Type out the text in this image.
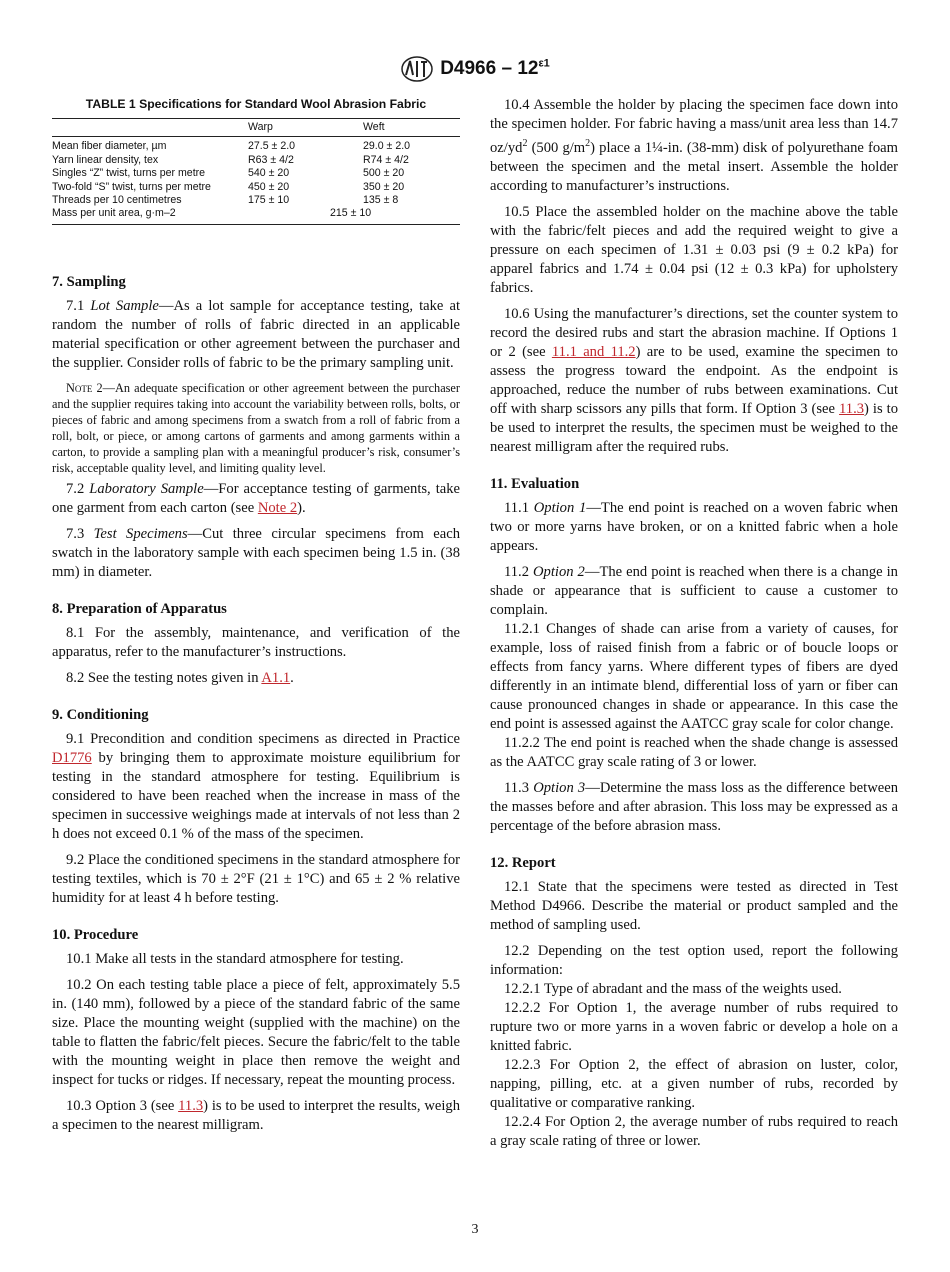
$D4966 - 12^{\varepsilon 1}$
TABLE 1 Specifications for Standard Wool Abrasion Fabric
	Warp	Weft
Mean fiber diameter, µm	27.5 ± 2.0	29.0 ± 2.0
Yarn linear density, tex	R63 ± 4/2	R74 ± 4/2
Singles “Z” twist, turns per metre	540 ± 20	500 ± 20
Two-fold “S” twist, turns per metre	450 ± 20	350 ± 20
Threads per 10 centimetres	175 ± 10	135 ± 8
Mass per unit area, g·m–2	215 ± 10	
7. Sampling
7.1 Lot Sample—As a lot sample for acceptance testing, take at random the number of rolls of fabric directed in an applicable material specification or other agreement between the purchaser and the supplier. Consider rolls of fabric to be the primary sampling unit.
Note 2—An adequate specification or other agreement between the purchaser and the supplier requires taking into account the variability between rolls, bolts, or pieces of fabric and among specimens from a swatch from a roll of fabric from a roll, bolt, or piece, or among cartons of garments and among garments within a carton, to provide a sampling plan with a meaningful producer’s risk, consumer’s risk, acceptable quality level, and limiting quality level.
7.2 Laboratory Sample—For acceptance testing of garments, take one garment from each carton (see Note 2).
7.3 Test Specimens—Cut three circular specimens from each swatch in the laboratory sample with each specimen being 1.5 in. (38 mm) in diameter.
8. Preparation of Apparatus
8.1 For the assembly, maintenance, and verification of the apparatus, refer to the manufacturer’s instructions.
8.2 See the testing notes given in A1.1.
9. Conditioning
9.1 Precondition and condition specimens as directed in Practice D1776 by bringing them to approximate moisture equilibrium for testing in the standard atmosphere for testing. Equilibrium is considered to have been reached when the increase in mass of the specimen in successive weighings made at intervals of not less than 2 h does not exceed 0.1 % of the mass of the specimen.
9.2 Place the conditioned specimens in the standard atmosphere for testing textiles, which is 70 ± 2°F (21 ± 1°C) and 65 ± 2 % relative humidity for at least 4 h before testing.
10. Procedure
10.1 Make all tests in the standard atmosphere for testing.
10.2 On each testing table place a piece of felt, approximately 5.5 in. (140 mm), followed by a piece of the standard fabric of the same size. Place the mounting weight (supplied with the machine) on the table to flatten the fabric/felt pieces. Secure the fabric/felt to the table with the mounting weight in place then remove the weight and inspect for tucks or ridges. If necessary, repeat the mounting process.
10.3 Option 3 (see 11.3) is to be used to interpret the results, weigh a specimen to the nearest milligram.
10.4 Assemble the holder by placing the specimen face down into the specimen holder. For fabric having a mass/unit area less than 14.7 $oz/yd^2$ (500 $g/m^2$) place a 1¼-in. (38-mm) disk of polyurethane foam between the specimen and the metal insert. Assemble the holder according to manufacturer’s instructions.
10.5 Place the assembled holder on the machine above the table with the fabric/felt pieces and add the required weight to give a pressure on each specimen of 1.31 ± 0.03 psi (9 ± 0.2 kPa) for apparel fabrics and 1.74 ± 0.04 psi (12 ± 0.3 kPa) for upholstery fabrics.
10.6 Using the manufacturer’s directions, set the counter system to record the desired rubs and start the abrasion machine. If Options 1 or 2 (see 11.1 and 11.2) are to be used, examine the specimen to assess the progress toward the endpoint. As the endpoint is approached, reduce the number of rubs between examinations. Cut off with sharp scissors any pills that form. If Option 3 (see 11.3) is to be used to interpret the results, the specimen must be weighed to the nearest milligram after the required rubs.
11. Evaluation
11.1 Option 1—The end point is reached on a woven fabric when two or more yarns have broken, or on a knitted fabric when a hole appears.
11.2 Option 2—The end point is reached when there is a change in shade or appearance that is sufficient to cause a customer to complain.
11.2.1 Changes of shade can arise from a variety of causes, for example, loss of raised finish from a fabric or of boucle loops or effects from fancy yarns. Where different types of fibers are dyed differently in an intimate blend, differential loss of yarn or fiber can cause pronounced changes in shade or appearance. In this case the end point is assessed against the AATCC gray scale for color change.
11.2.2 The end point is reached when the shade change is assessed as the AATCC gray scale rating of 3 or lower.
11.3 Option 3—Determine the mass loss as the difference between the masses before and after abrasion. This loss may be expressed as a percentage of the before abrasion mass.
12. Report
12.1 State that the specimens were tested as directed in Test Method D4966. Describe the material or product sampled and the method of sampling used.
12.2 Depending on the test option used, report the following information:
12.2.1 Type of abradant and the mass of the weights used.
12.2.2 For Option 1, the average number of rubs required to rupture two or more yarns in a woven fabric or develop a hole on a knitted fabric.
12.2.3 For Option 2, the effect of abrasion on luster, color, napping, pilling, etc. at a given number of rubs, recorded by qualitative or comparative ranking.
12.2.4 For Option 2, the average number of rubs required to reach a gray scale rating of three or lower.
3
